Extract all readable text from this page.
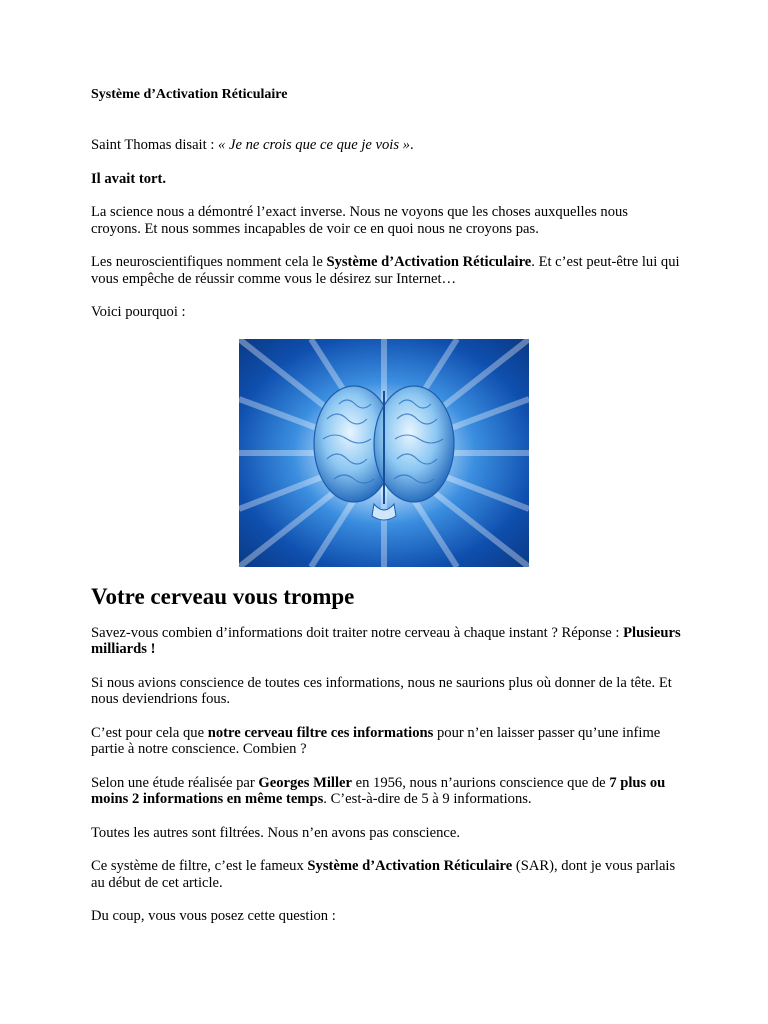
Système d’Activation Réticulaire

Saint Thomas disait : « Je ne crois que ce que je vois ».

Il avait tort.

La science nous a démontré l’exact inverse. Nous ne voyons que les choses auxquelles nous croyons. Et nous sommes incapables de voir ce en quoi nous ne croyons pas.

Les neuroscientifiques nomment cela le Système d’Activation Réticulaire. Et c’est peut-être lui qui vous empêche de réussir comme vous le désirez sur Internet…

Voici pourquoi :

Votre cerveau vous trompe

Savez-vous combien d’informations doit traiter notre cerveau à chaque instant ? Réponse : Plusieurs milliards !

Si nous avions conscience de toutes ces informations, nous ne saurions plus où donner de la tête. Et nous deviendrions fous.

C’est pour cela que notre cerveau filtre ces informations pour n’en laisser passer qu’une infime partie à notre conscience. Combien ?

Selon une étude réalisée par Georges Miller en 1956, nous n’aurions conscience que de 7 plus ou moins 2 informations en même temps. C’est-à-dire de 5 à 9 informations.

Toutes les autres sont filtrées. Nous n’en avons pas conscience.

Ce système de filtre, c’est le fameux Système d’Activation Réticulaire (SAR), dont je vous parlais au début de cet article.

Du coup, vous vous posez cette question :
